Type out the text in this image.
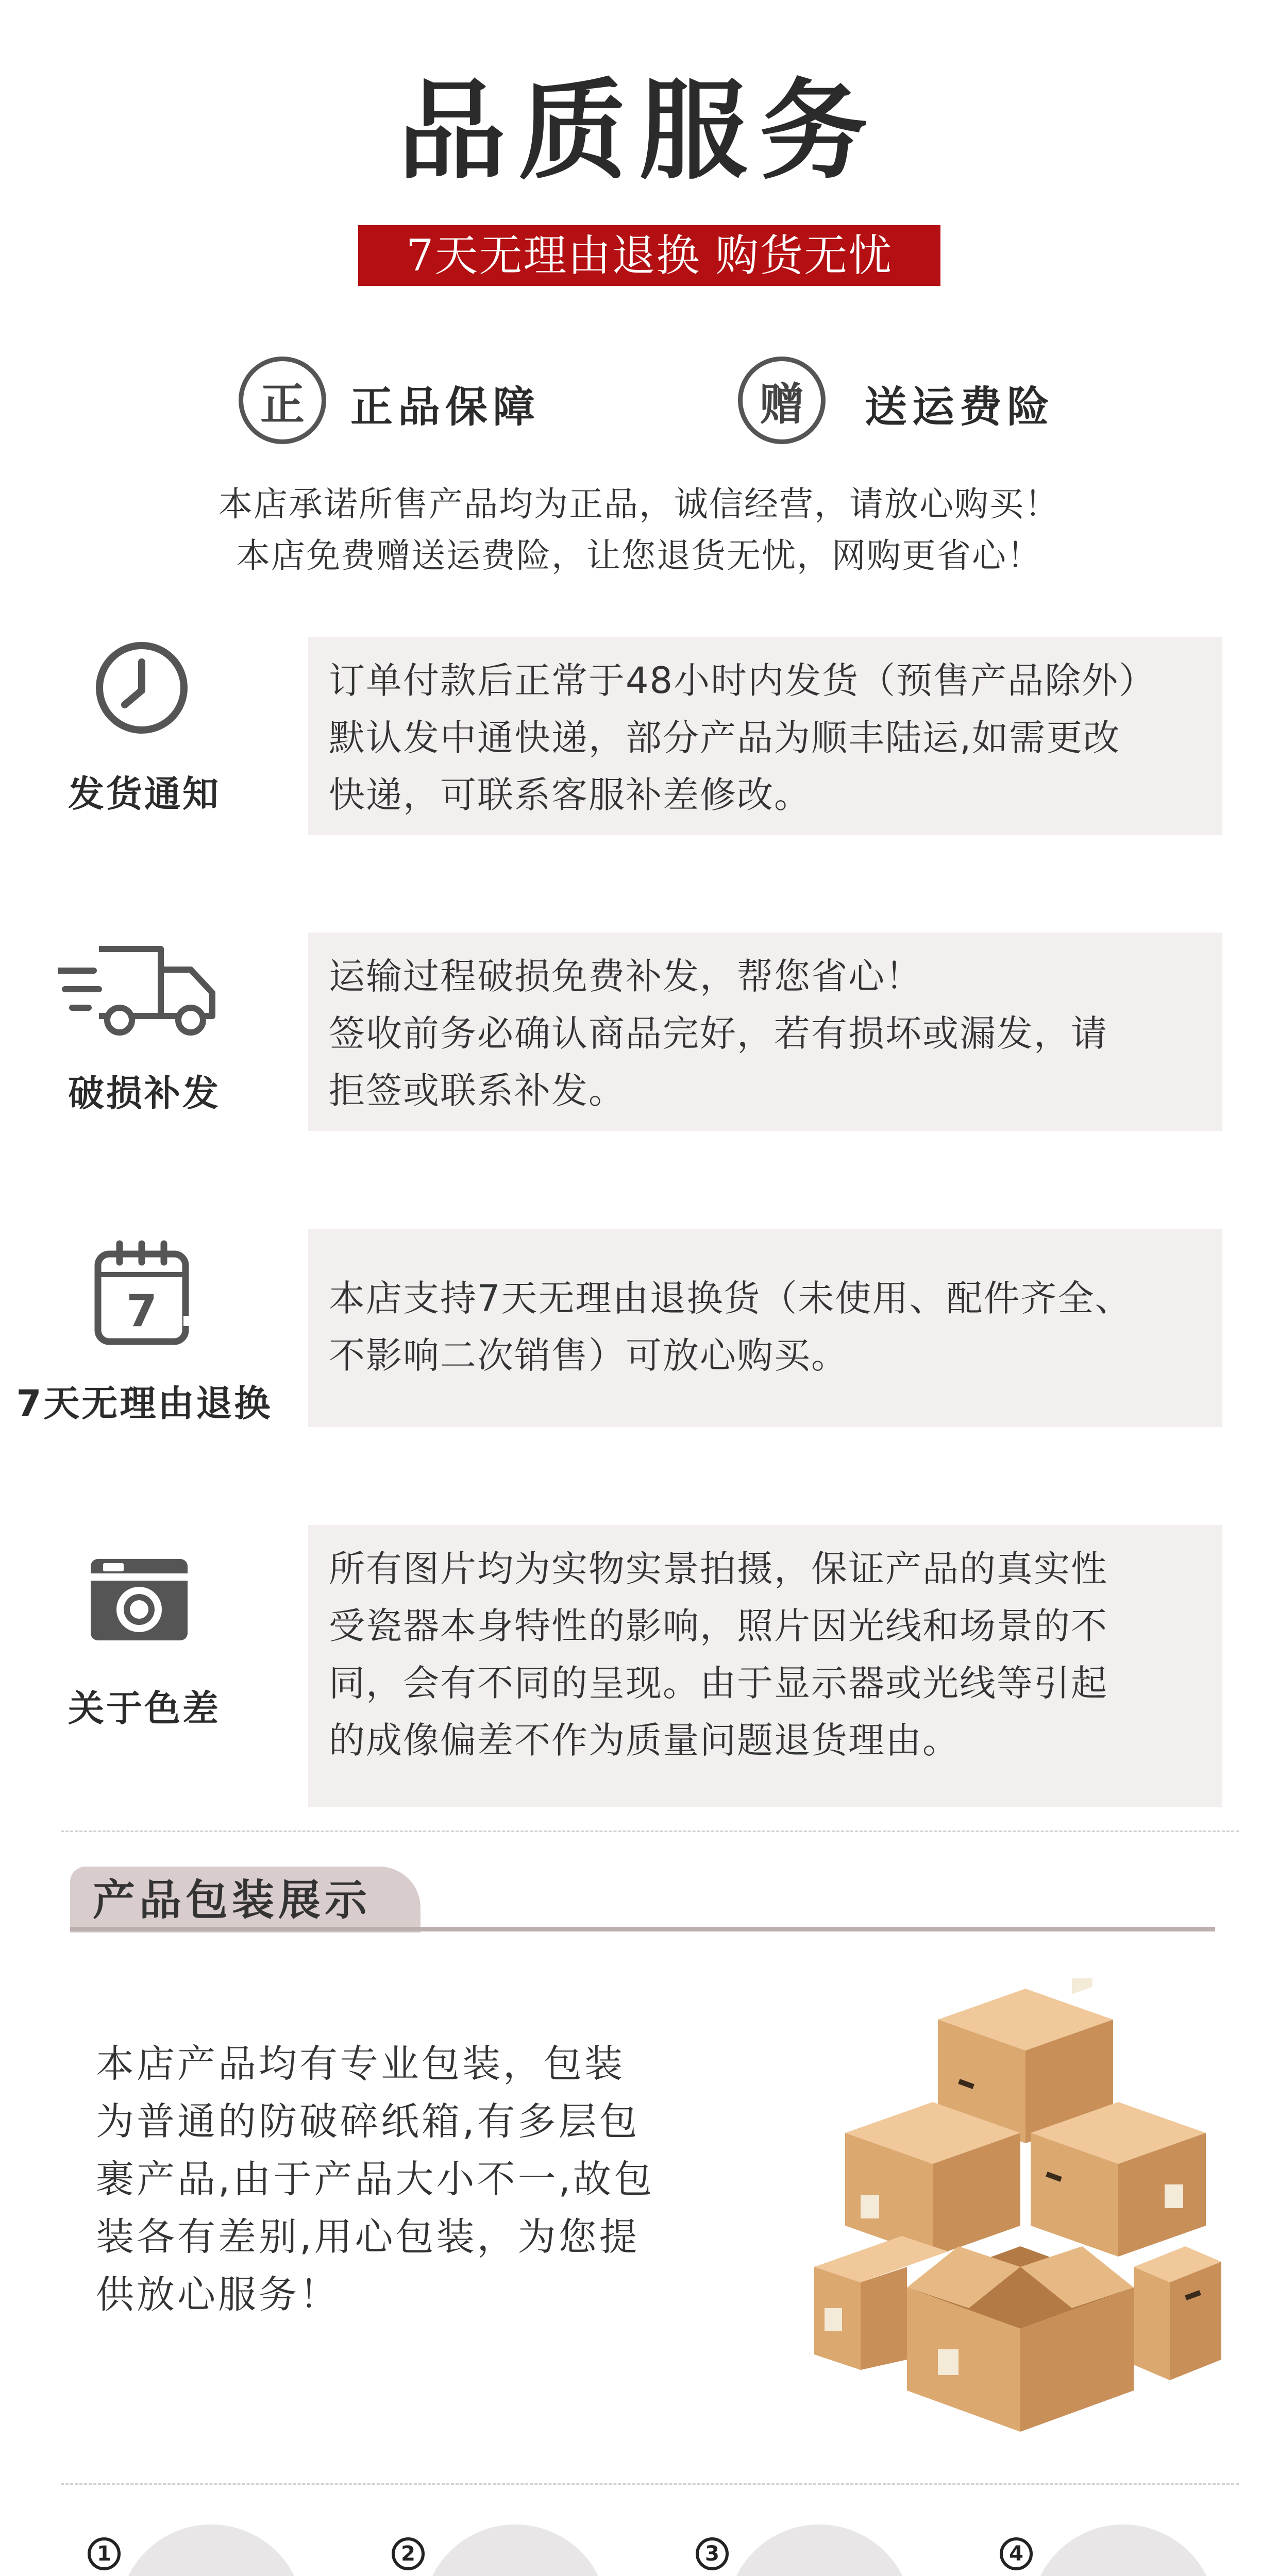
品质服务
7天无理由退换 购货无忧
正 正品保障	赠 送运费险
本店承诺所售产品均为正品，诚信经营，请放心购买！
本店免费赠送运费险，让您退货无忧，网购更省心！
发货通知
订单付款后正常于48小时内发货（预售产品除外）
默认发中通快递，部分产品为顺丰陆运,如需更改
快递，可联系客服补差修改。
破损补发
运输过程破损免费补发，帮您省心！
签收前务必确认商品完好，若有损坏或漏发，请
拒签或联系补发。
7
7天无理由退换
本店支持7天无理由退换货（未使用、配件齐全、
不影响二次销售）可放心购买。
关于色差
所有图片均为实物实景拍摄，保证产品的真实性
受瓷器本身特性的影响，照片因光线和场景的不
同，会有不同的呈现。由于显示器或光线等引起
的成像偏差不作为质量问题退货理由。
产品包装展示
本店产品均有专业包装，包装
为普通的防破碎纸箱,有多层包
裹产品,由于产品大小不一,故包
装各有差别,用心包装，为您提
供放心服务！
1	2	3	4
